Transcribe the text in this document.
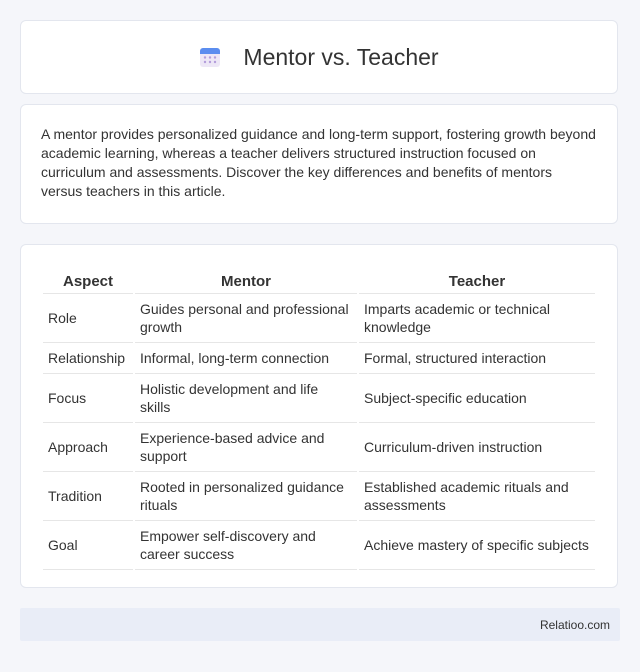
Mentor vs. Teacher

A mentor provides personalized guidance and long-term support, fostering growth beyond academic learning, whereas a teacher delivers structured instruction focused on curriculum and assessments. Discover the key differences and benefits of mentors versus teachers in this article.

Aspect	Mentor	Teacher
Role	Guides personal and professional growth	Imparts academic or technical knowledge
Relationship	Informal, long-term connection	Formal, structured interaction
Focus	Holistic development and life skills	Subject-specific education
Approach	Experience-based advice and support	Curriculum-driven instruction
Tradition	Rooted in personalized guidance rituals	Established academic rituals and assessments
Goal	Empower self-discovery and career success	Achieve mastery of specific subjects
Relatioo.com
